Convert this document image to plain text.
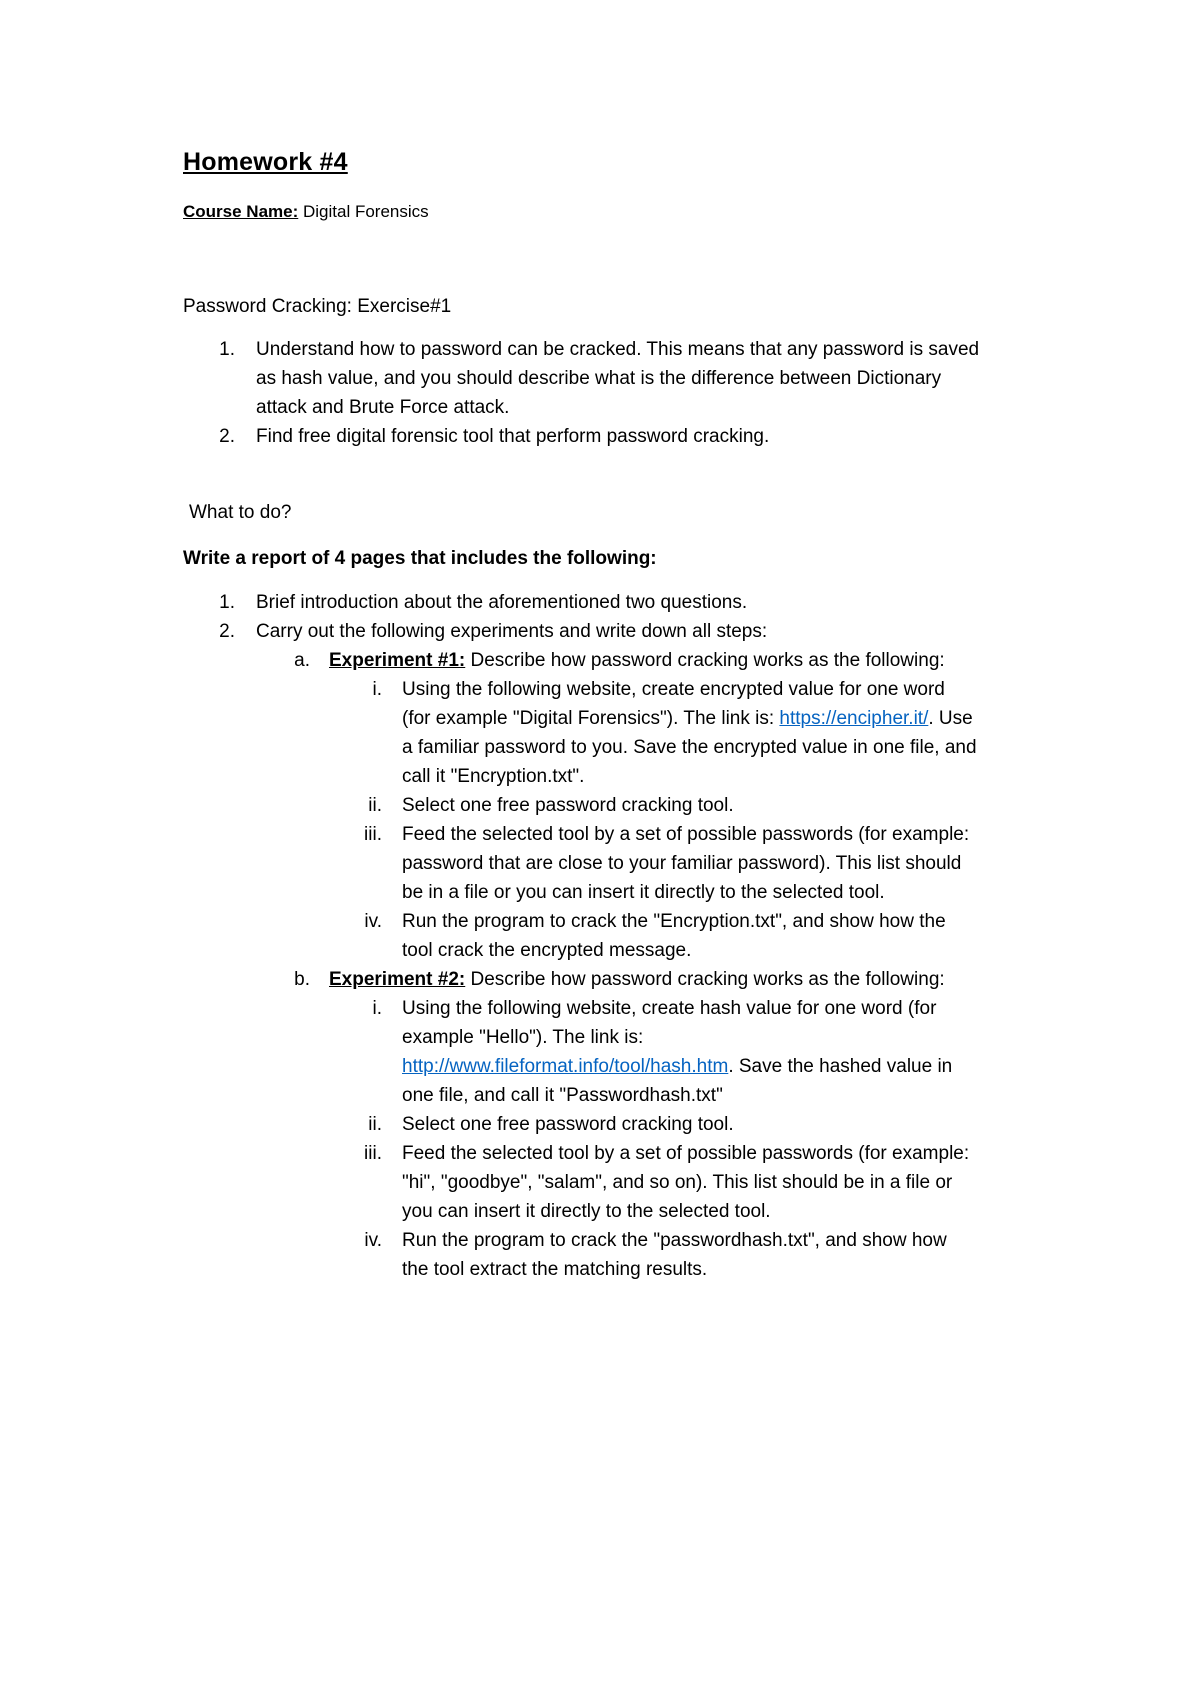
Homework #4
Course Name: Digital Forensics
Password Cracking: Exercise#1
1. Understand how to password can be cracked. This means that any password is saved
as hash value, and you should describe what is the difference between Dictionary
attack and Brute Force attack.
2. Find free digital forensic tool that perform password cracking.
What to do?
Write a report of 4 pages that includes the following:
1. Brief introduction about the aforementioned two questions.
2. Carry out the following experiments and write down all steps:
a. Experiment #1: Describe how password cracking works as the following:
i. Using the following website, create encrypted value for one word
(for example "Digital Forensics"). The link is: https://encipher.it/. Use
a familiar password to you. Save the encrypted value in one file, and
call it "Encryption.txt".
ii. Select one free password cracking tool.
iii. Feed the selected tool by a set of possible passwords (for example:
password that are close to your familiar password). This list should
be in a file or you can insert it directly to the selected tool.
iv. Run the program to crack the "Encryption.txt", and show how the
tool crack the encrypted message.
b. Experiment #2: Describe how password cracking works as the following:
i. Using the following website, create hash value for one word (for
example "Hello"). The link is:
http://www.fileformat.info/tool/hash.htm. Save the hashed value in
one file, and call it "Passwordhash.txt"
ii. Select one free password cracking tool.
iii. Feed the selected tool by a set of possible passwords (for example:
"hi", "goodbye", "salam", and so on). This list should be in a file or
you can insert it directly to the selected tool.
iv. Run the program to crack the "passwordhash.txt", and show how
the tool extract the matching results.
